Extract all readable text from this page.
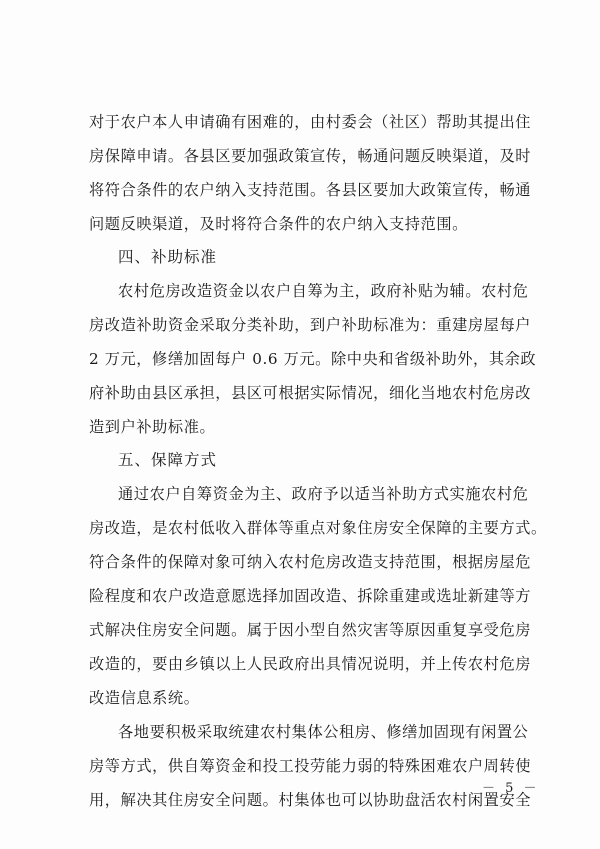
对于农户本人申请确有困难的，由村委会（社区）帮助其提出住
房保障申请。各县区要加强政策宣传，畅通问题反映渠道，及时
将符合条件的农户纳入支持范围。各县区要加大政策宣传，畅通
问题反映渠道，及时将符合条件的农户纳入支持范围。
四、补助标准
农村危房改造资金以农户自筹为主，政府补贴为辅。农村危
房改造补助资金采取分类补助，到户补助标准为：重建房屋每户
2 万元，修缮加固每户 0.6 万元。除中央和省级补助外，其余政
府补助由县区承担，县区可根据实际情况，细化当地农村危房改
造到户补助标准。
五、保障方式
通过农户自筹资金为主、政府予以适当补助方式实施农村危
房改造，是农村低收入群体等重点对象住房安全保障的主要方式。
符合条件的保障对象可纳入农村危房改造支持范围，根据房屋危
险程度和农户改造意愿选择加固改造、拆除重建或选址新建等方
式解决住房安全问题。属于因小型自然灾害等原因重复享受危房
改造的，要由乡镇以上人民政府出具情况说明，并上传农村危房
改造信息系统。
各地要积极采取统建农村集体公租房、修缮加固现有闲置公
房等方式，供自筹资金和投工投劳能力弱的特殊困难农户周转使
用，解决其住房安全问题。村集体也可以协助盘活农村闲置安全
－ 5 －
